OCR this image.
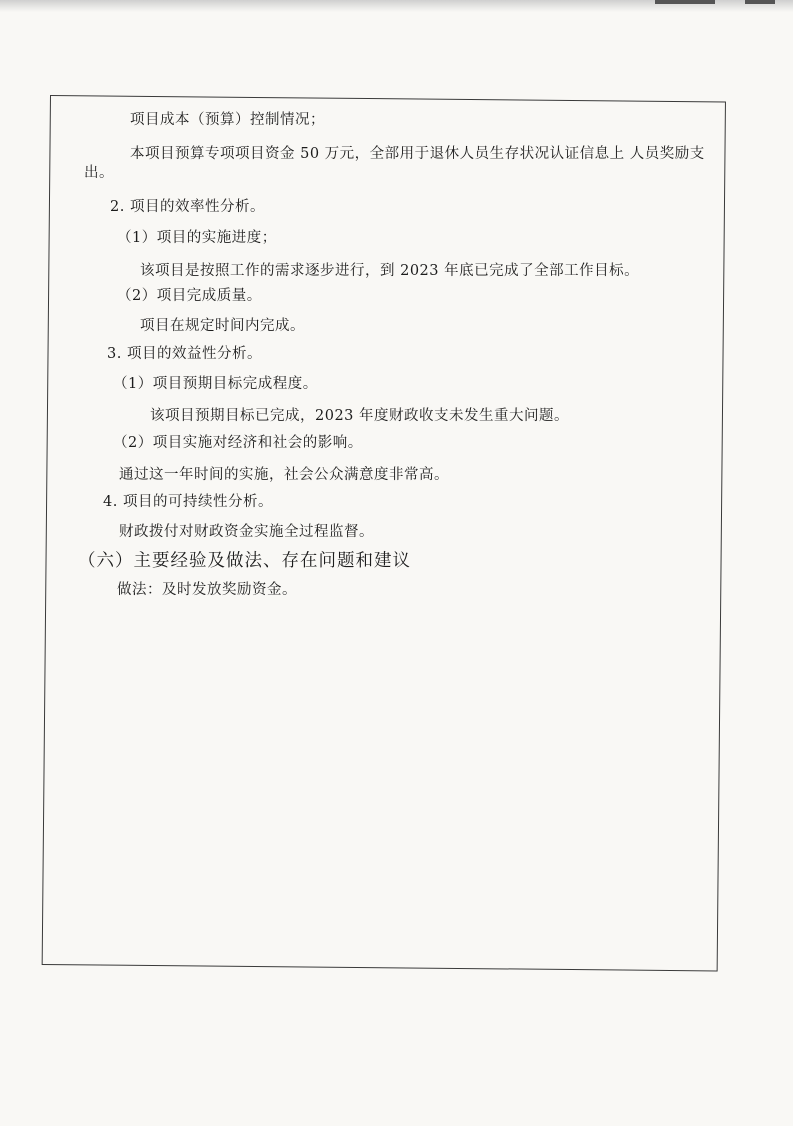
项目成本（预算）控制情况；
本项目预算专项项目资金 50 万元，全部用于退休人员生存状况认证信息上 人员奖励支
出。
2. 项目的效率性分析。
（1）项目的实施进度；
该项目是按照工作的需求逐步进行，到 2023 年底已完成了全部工作目标。
（2）项目完成质量。
项目在规定时间内完成。
3. 项目的效益性分析。
（1）项目预期目标完成程度。
该项目预期目标已完成，2023 年度财政收支未发生重大问题。
（2）项目实施对经济和社会的影响。
通过这一年时间的实施，社会公众满意度非常高。
4. 项目的可持续性分析。
财政拨付对财政资金实施全过程监督。
（六）主要经验及做法、存在问题和建议
做法：及时发放奖励资金。
